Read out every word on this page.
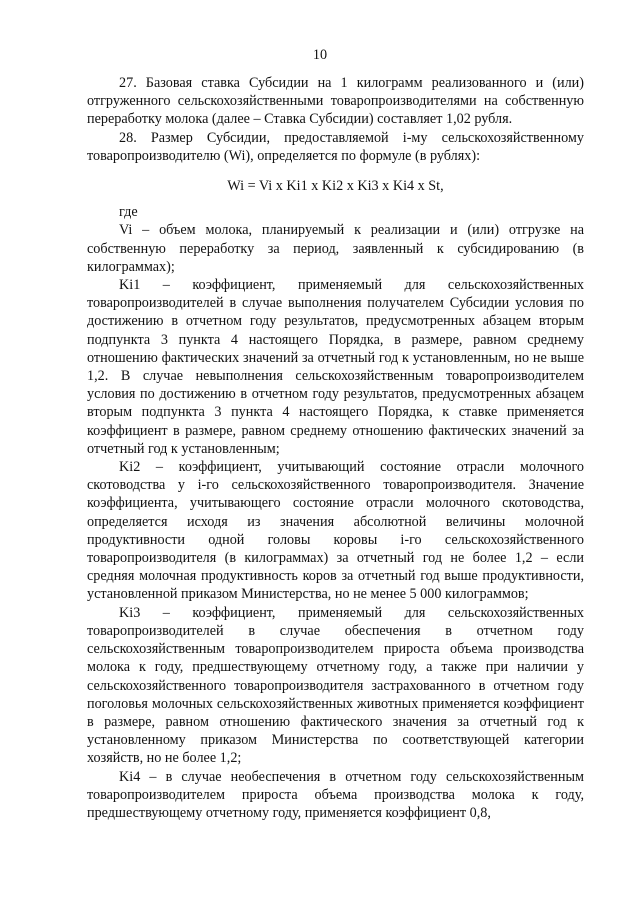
10

27. Базовая ставка Субсидии на 1 килограмм реализованного и (или) отгруженного сельскохозяйственными товаропроизводителями на собственную переработку молока (далее – Ставка Субсидии) составляет 1,02 рубля.

28. Размер Субсидии, предоставляемой i-му сельскохозяйственному товаропроизводителю (Wi), определяется по формуле (в рублях):

Wi = Vi x Ki1 x Ki2 x Ki3 x Ki4 x St,

где

Vi – объем молока, планируемый к реализации и (или) отгрузке на собственную переработку за период, заявленный к субсидированию (в килограммах);

Ki1 – коэффициент, применяемый для сельскохозяйственных товаропроизводителей в случае выполнения получателем Субсидии условия по достижению в отчетном году результатов, предусмотренных абзацем вторым подпункта 3 пункта 4 настоящего Порядка, в размере, равном среднему отношению фактических значений за отчетный год к установленным, но не выше 1,2. В случае невыполнения сельскохозяйственным товаропроизводителем условия по достижению в отчетном году результатов, предусмотренных абзацем вторым подпункта 3 пункта 4 настоящего Порядка, к ставке применяется коэффициент в размере, равном среднему отношению фактических значений за отчетный год к установленным;

Ki2 – коэффициент, учитывающий состояние отрасли молочного скотоводства у i-го сельскохозяйственного товаропроизводителя. Значение коэффициента, учитывающего состояние отрасли молочного скотоводства, определяется исходя из значения абсолютной величины молочной продуктивности одной головы коровы i-го сельскохозяйственного товаропроизводителя (в килограммах) за отчетный год не более 1,2 – если средняя молочная продуктивность коров за отчетный год выше продуктивности, установленной приказом Министерства, но не менее 5 000 килограммов;

Ki3 – коэффициент, применяемый для сельскохозяйственных товаропроизводителей в случае обеспечения в отчетном году сельскохозяйственным товаропроизводителем прироста объема производства молока к году, предшествующему отчетному году, а также при наличии у сельскохозяйственного товаропроизводителя застрахованного в отчетном году поголовья молочных сельскохозяйственных животных применяется коэффициент в размере, равном отношению фактического значения за отчетный год к установленному приказом Министерства по соответствующей категории хозяйств, но не более 1,2;

Ki4 – в случае необеспечения в отчетном году сельскохозяйственным товаропроизводителем прироста объема производства молока к году, предшествующему отчетному году, применяется коэффициент 0,8,
